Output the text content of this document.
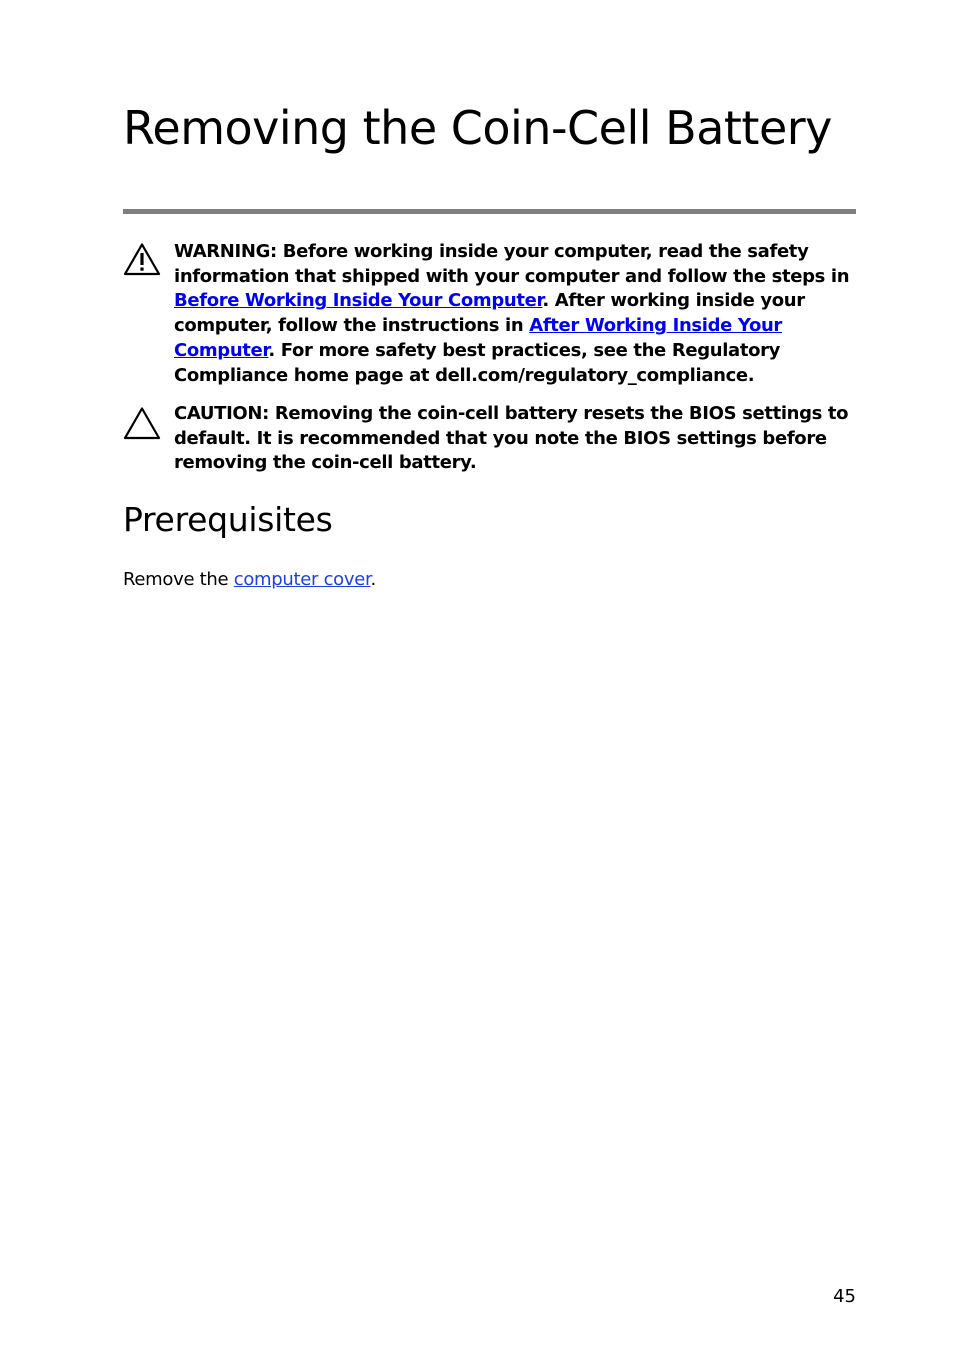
Removing the Coin-Cell Battery

WARNING: Before working inside your computer, read the safety information that shipped with your computer and follow the steps in Before Working Inside Your Computer. After working inside your computer, follow the instructions in After Working Inside Your Computer. For more safety best practices, see the Regulatory Compliance home page at dell.com/regulatory_compliance.

CAUTION: Removing the coin-cell battery resets the BIOS settings to default. It is recommended that you note the BIOS settings before removing the coin-cell battery.

Prerequisites

Remove the computer cover.

45
